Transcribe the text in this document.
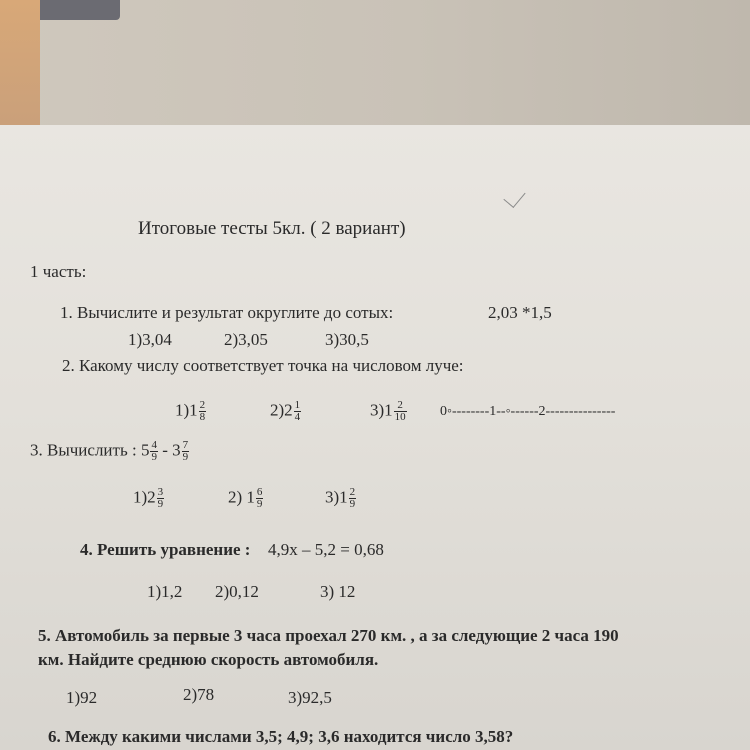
Итоговые тесты 5кл. ( 2 вариант)
1 часть:
1. Вычислите и результат округлите до сотых:	2,03 *1,5
1)3,04	2)3,05	3)30,5
2. Какому числу соответствует точка на числовом луче:
$1)1 \frac{2}{8}$	$2)2 \frac{1}{4}$	$3)1 \frac{2}{10}$ 0◦--------1--◦------2---------------
3. Вычислить : $5 \frac{4}{9} - 3 \frac{7}{9}$
$1)2 \frac{3}{9}$	2) $1 \frac{6}{9}$	$3)1 \frac{2}{9}$
4. Решить уравнение : 4,9x – 5,2 = 0,68
1)1,2 2)0,12	3) 12
5. Автомобиль за первые 3 часа проехал 270 км. , а за следующие 2 часа 190
км. Найдите среднюю скорость автомобиля.
1)92	2)78	3)92,5
6. Между какими числами 3,5; 4,9; 3,6 находится число 3,58?
